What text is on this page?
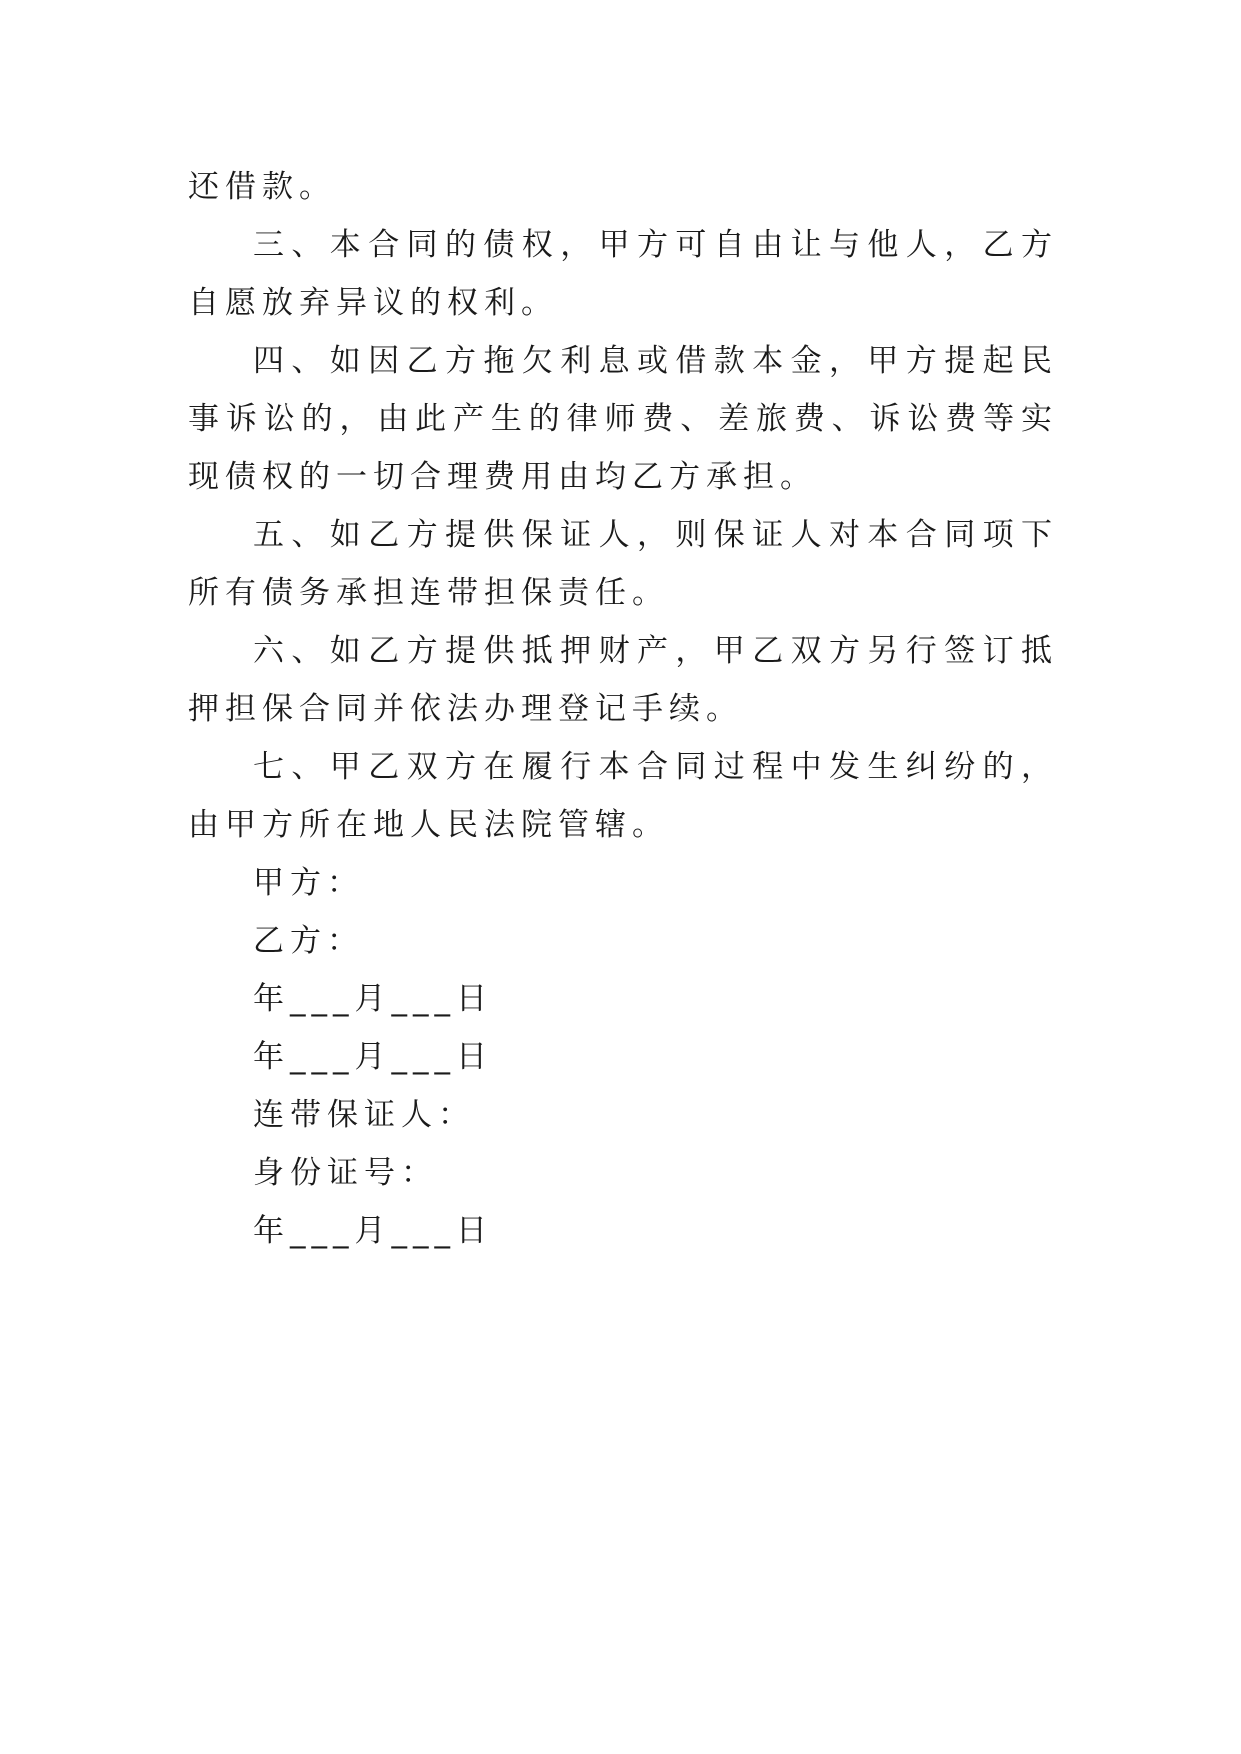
还借款。

三、本合同的债权，甲方可自由让与他人，乙方自愿放弃异议的权利。

四、如因乙方拖欠利息或借款本金，甲方提起民事诉讼的，由此产生的律师费、差旅费、诉讼费等实现债权的一切合理费用由均乙方承担。

五、如乙方提供保证人，则保证人对本合同项下所有债务承担连带担保责任。

六、如乙方提供抵押财产，甲乙双方另行签订抵押担保合同并依法办理登记手续。

七、甲乙双方在履行本合同过程中发生纠纷的，由甲方所在地人民法院管辖。

甲方：

乙方：

年___月___日

年___月___日

连带保证人：

身份证号：

年___月___日
